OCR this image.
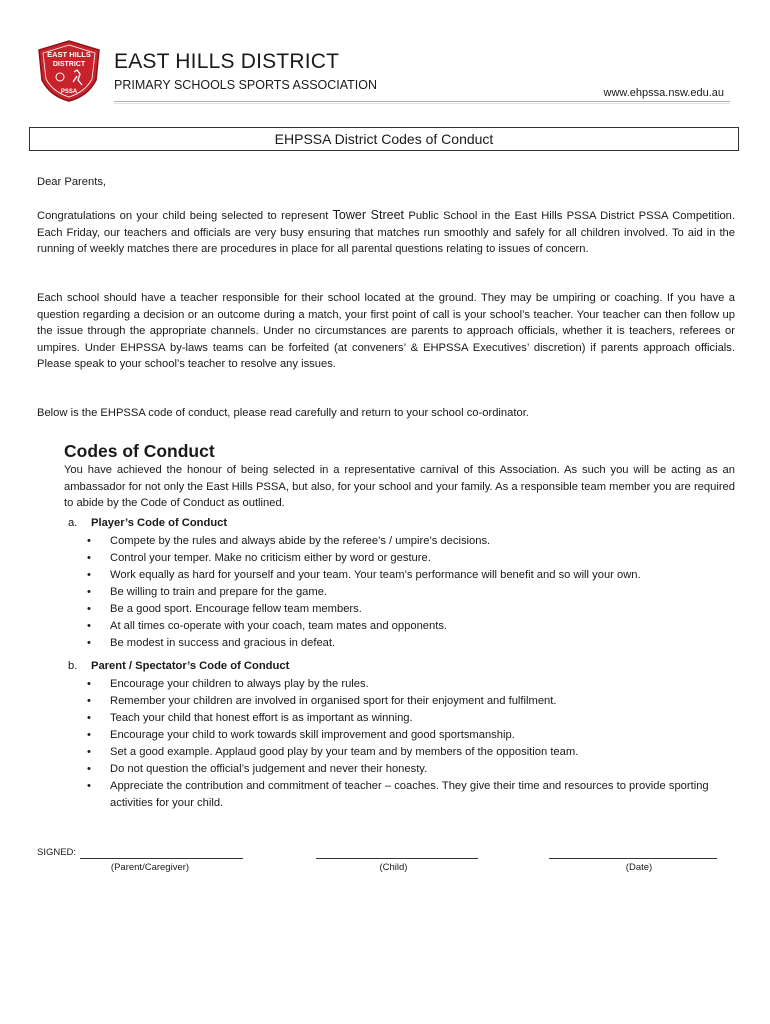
EAST HILLS
DISTRICT
PSSA
EAST HILLS DISTRICT
PRIMARY SCHOOLS SPORTS ASSOCIATION
www.ehpssa.nsw.edu.au
EHPSSA District Codes of Conduct
Dear Parents,
Congratulations on your child being selected to represent Tower Street Public School in the East Hills PSSA District PSSA Competition. Each Friday, our teachers and officials are very busy ensuring that matches run smoothly and safely for all children involved. To aid in the running of weekly matches there are procedures in place for all parental questions relating to issues of concern.
Each school should have a teacher responsible for their school located at the ground. They may be umpiring or coaching. If you have a question regarding a decision or an outcome during a match, your first point of call is your school’s teacher. Your teacher can then follow up the issue through the appropriate channels. Under no circumstances are parents to approach officials, whether it is teachers, referees or umpires. Under EHPSSA by-laws teams can be forfeited (at conveners’ & EHPSSA Executives’ discretion) if parents approach officials. Please speak to your school’s teacher to resolve any issues.
Below is the EHPSSA code of conduct, please read carefully and return to your school co-ordinator.
Codes of Conduct
You have achieved the honour of being selected in a representative carnival of this Association. As such you will be acting as an ambassador for not only the East Hills PSSA, but also, for your school and your family. As a responsible team member you are required to abide by the Code of Conduct as outlined.
a. Player’s Code of Conduct
• Compete by the rules and always abide by the referee’s / umpire’s decisions.
• Control your temper. Make no criticism either by word or gesture.
• Work equally as hard for yourself and your team. Your team’s performance will benefit and so will your own.
• Be willing to train and prepare for the game.
• Be a good sport. Encourage fellow team members.
• At all times co-operate with your coach, team mates and opponents.
• Be modest in success and gracious in defeat.
b. Parent / Spectator’s Code of Conduct
• Encourage your children to always play by the rules.
• Remember your children are involved in organised sport for their enjoyment and fulfilment.
• Teach your child that honest effort is as important as winning.
• Encourage your child to work towards skill improvement and good sportsmanship.
• Set a good example. Applaud good play by your team and by members of the opposition team.
• Do not question the official’s judgement and never their honesty.
• Appreciate the contribution and commitment of teacher – coaches. They give their time and resources to provide sporting activities for your child.
SIGNED:
(Parent/Caregiver)	(Child)	(Date)
